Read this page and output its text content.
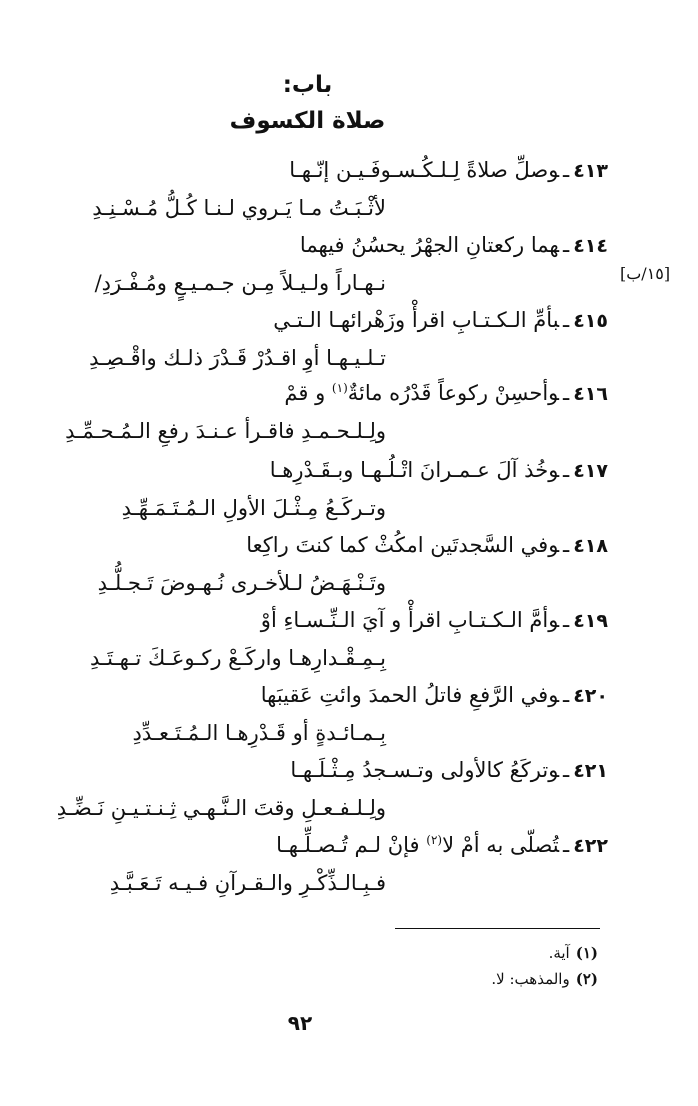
باب:
صلاة الكسوف
[١٥/ب]
٤١٣ـوصلِّ صلاةً لِـلـكُـسـوفَـيـن إنّـهـا
لأثْـبَـتُ مـا يَـروي لـنـا كُـلُّ مُـسْـنِـدِ
٤١٤ـهما ركعتانِ الجهْرُ يحسُنُ فيهما
نـهـاراً ولـيـلاً مِـن جـمـيـعٍ ومُـفْـرَدِ/
٤١٥ـبأمِّ الـكـتـابِ اقرأْ وزَهْرائهـا الـتـي
تـلـيـهـا أوِ اقـدُرْ قَـدْرَ ذلـك واقْـصِـدِ
٤١٦ـوأحسِنْ ركوعاً قَدْرُه مائةٌ$^{(١)}$ و قمْ
ولِـلـحـمـدِ فاقـرأ عـنـدَ رفعِ الـمُـحـمِّـدِ
٤١٧ـوخُذ آلَ عـمـرانَ اتْـلُـهـا وبـقَـدْرِهـا
وتـركَـعُ مِـثْـلَ الأولِ الـمُـتَـمَـهِّـدِ
٤١٨ـوفي السَّجدتَين امكُثْ كما كنتَ راكِعا
وتَـنْـهَـضُ لـلأخـرى نُـهـوضَ تَـجـلُّـدِ
٤١٩ـوأمَّ الـكـتـابِ اقرأْ و آيَ الـنِّـسـاءِ أوْ
بِـمِـقْـدارِهـا واركَـعْ ركـوعَـكَ تـهـتَـدِ
٤٢٠ـوفي الرَّفعِ فاتلُ الحمدَ وائتِ عَقيبَها
بِـمـائـدةٍ أو قَـدْرِهـا الـمُـتَـعـدِّدِ
٤٢١ـوتركَعُ كالأولى وتـسـجدُ مِـثْـلَـهـا
ولِـلـفـعـلِ وقتَ الـنَّـهـي ثِـنـتـيـنِ نَـضِّـدِ
٤٢٢ـتُصلّى به أمْ لا$^{(٢)}$ فإنْ لـم تُـصـلِّـهـا
فـبِـالـذِّكْـرِ والـقـرآنِ فـيـه تَـعَـبَّـدِ
(١)آية.
(٢)والمذهب: لا.
٩٢
